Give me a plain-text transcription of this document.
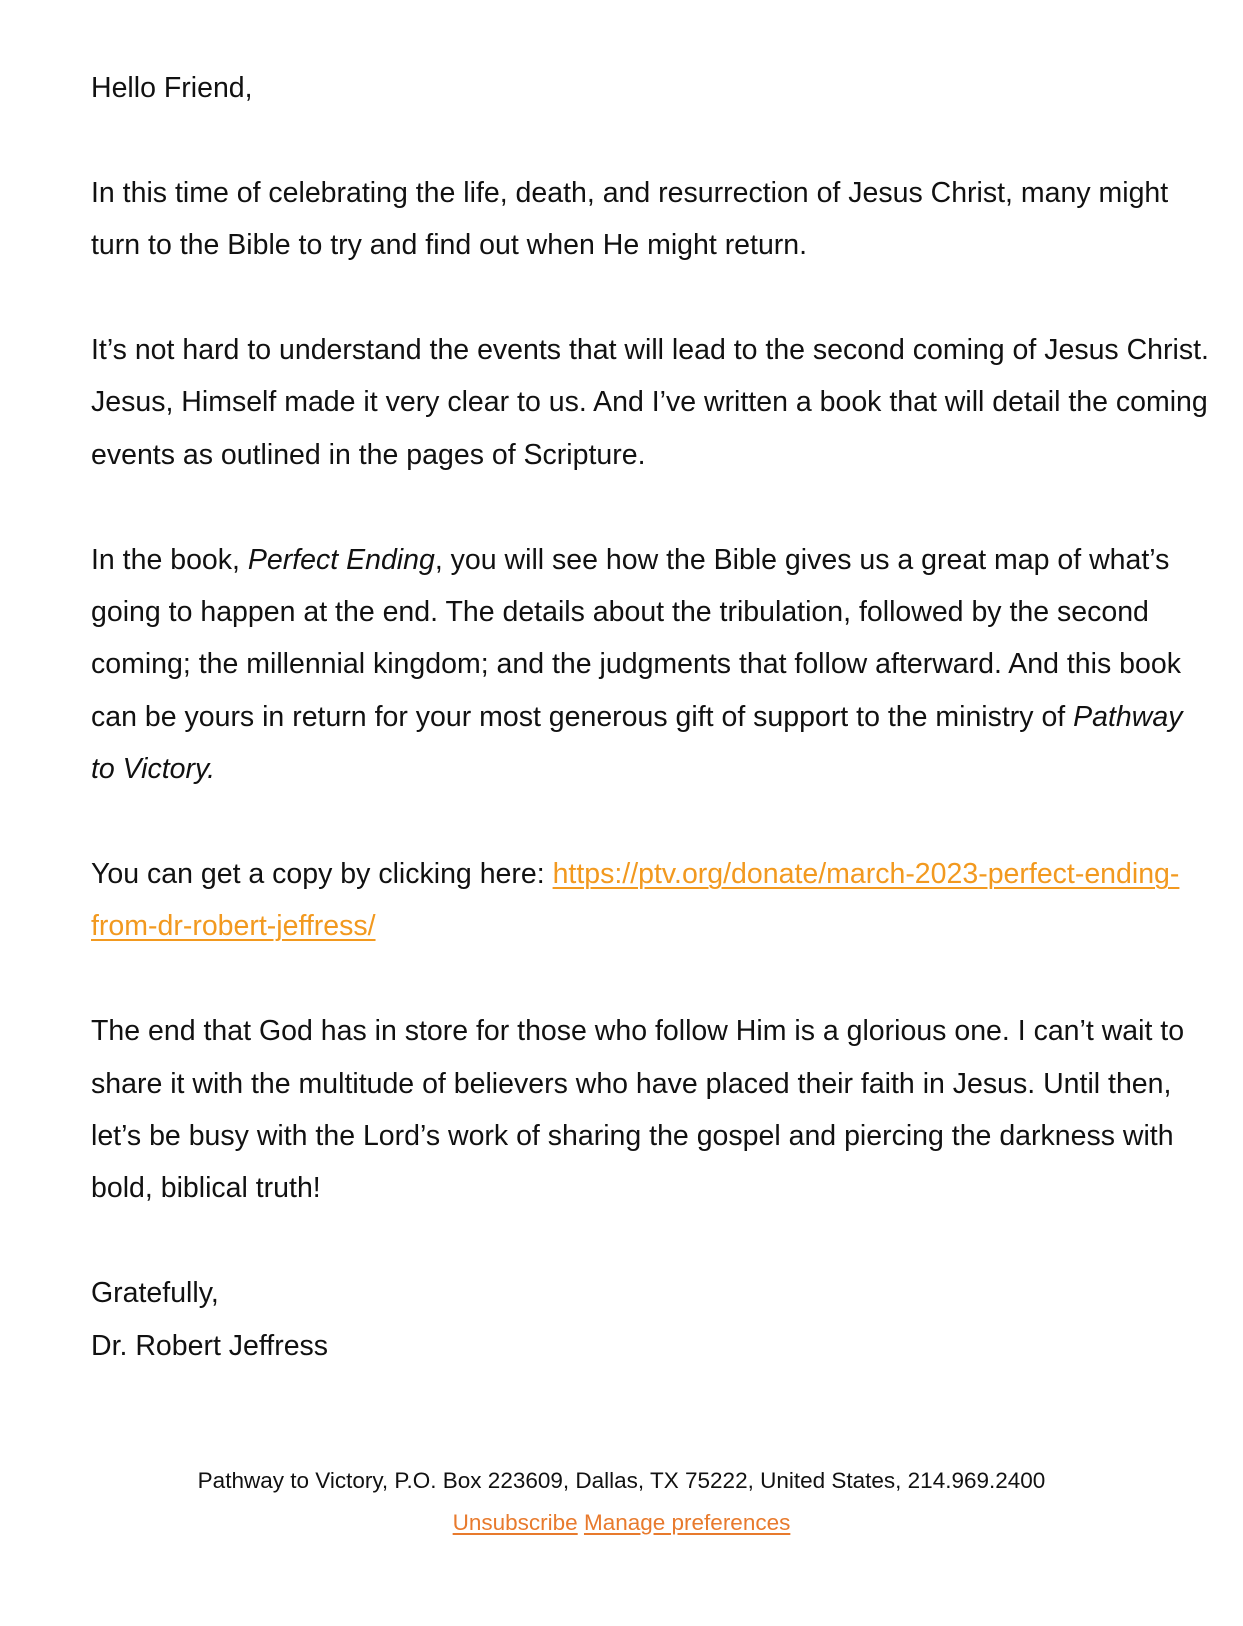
Hello Friend,

In this time of celebrating the life, death, and resurrection of Jesus Christ, many might turn to the Bible to try and find out when He might return.

It’s not hard to understand the events that will lead to the second coming of Jesus Christ. Jesus, Himself made it very clear to us. And I’ve written a book that will detail the coming events as outlined in the pages of Scripture.

In the book, Perfect Ending, you will see how the Bible gives us a great map of what’s going to happen at the end. The details about the tribulation, followed by the second coming; the millennial kingdom; and the judgments that follow afterward. And this book can be yours in return for your most generous gift of support to the ministry of Pathway to Victory.

You can get a copy by clicking here: https://ptv.org/donate/march-2023-perfect-ending-from-dr-robert-jeffress/

The end that God has in store for those who follow Him is a glorious one. I can’t wait to share it with the multitude of believers who have placed their faith in Jesus. Until then, let’s be busy with the Lord’s work of sharing the gospel and piercing the darkness with bold, biblical truth!

Gratefully,

Dr. Robert Jeffress

Pathway to Victory, P.O. Box 223609, Dallas, TX 75222, United States, 214.969.2400
Unsubscribe Manage preferences
